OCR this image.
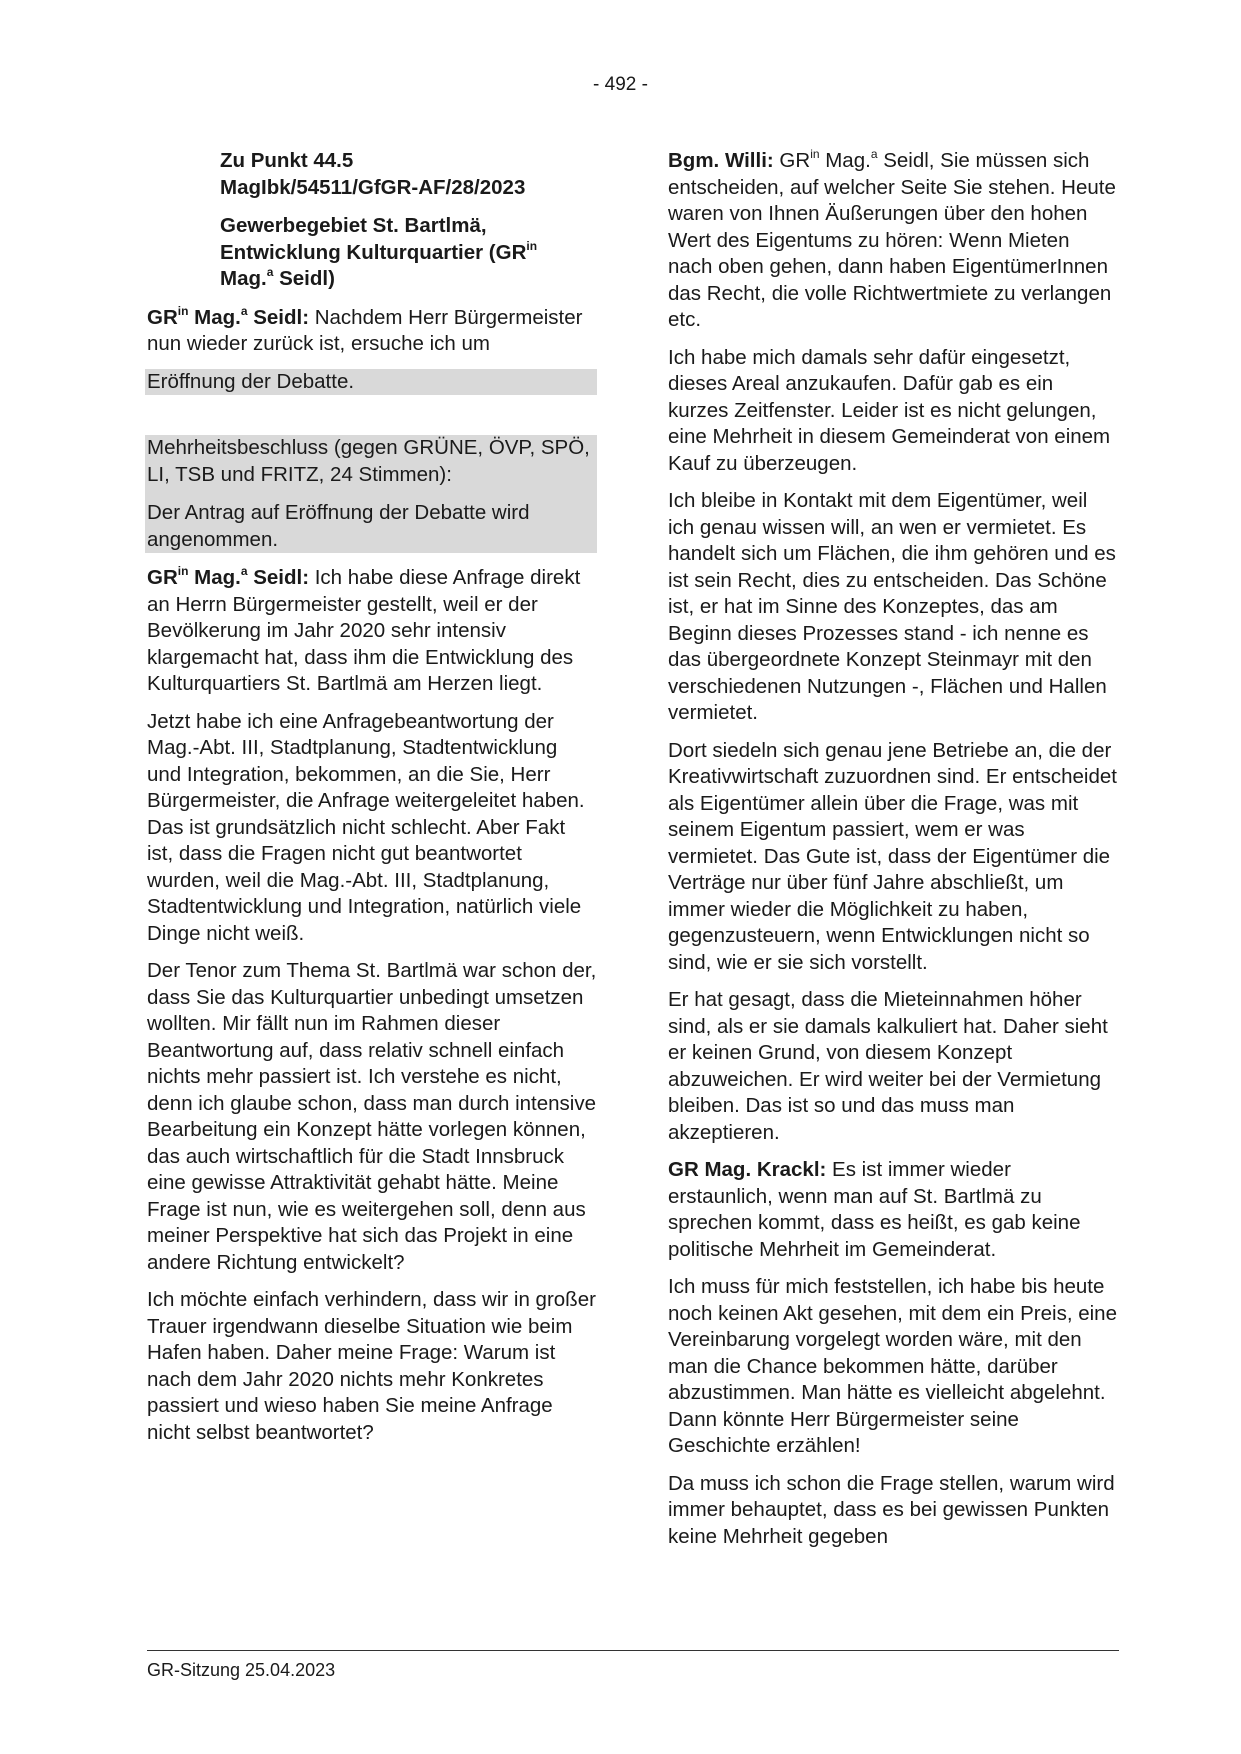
- 492 -

Zu Punkt 44.5
MagIbk/54511/GfGR-AF/28/2023

Gewerbegebiet St. Bartlmä, Entwicklung Kulturquartier ($GR^{in}$
Mag.$^a$ Seidl)

$GR^{in}$ Mag.$^a$ Seidl: Nachdem Herr Bürgermeister nun wieder zurück ist, ersuche ich um

Eröffnung der Debatte.

Mehrheitsbeschluss (gegen GRÜNE, ÖVP, SPÖ, LI, TSB und FRITZ, 24 Stimmen):

Der Antrag auf Eröffnung der Debatte wird angenommen.

$GR^{in}$ Mag.$^a$ Seidl: Ich habe diese Anfrage direkt an Herrn Bürgermeister gestellt, weil er der Bevölkerung im Jahr 2020 sehr intensiv klargemacht hat, dass ihm die Entwicklung des Kulturquartiers St. Bartlmä am Herzen liegt.

Jetzt habe ich eine Anfragebeantwortung der Mag.-Abt. III, Stadtplanung, Stadtentwicklung und Integration, bekommen, an die Sie, Herr Bürgermeister, die Anfrage weitergeleitet haben. Das ist grundsätzlich nicht schlecht. Aber Fakt ist, dass die Fragen nicht gut beantwortet wurden, weil die Mag.-Abt. III, Stadtplanung, Stadtentwicklung und Integration, natürlich viele Dinge nicht weiß.

Der Tenor zum Thema St. Bartlmä war schon der, dass Sie das Kulturquartier unbedingt umsetzen wollten. Mir fällt nun im Rahmen dieser Beantwortung auf, dass relativ schnell einfach nichts mehr passiert ist. Ich verstehe es nicht, denn ich glaube schon, dass man durch intensive Bearbeitung ein Konzept hätte vorlegen können, das auch wirtschaftlich für die Stadt Innsbruck eine gewisse Attraktivität gehabt hätte. Meine Frage ist nun, wie es weitergehen soll, denn aus meiner Perspektive hat sich das Projekt in eine andere Richtung entwickelt?

Ich möchte einfach verhindern, dass wir in großer Trauer irgendwann dieselbe Situation wie beim Hafen haben. Daher meine Frage: Warum ist nach dem Jahr 2020 nichts mehr Konkretes passiert und wieso haben Sie meine Anfrage nicht selbst beantwortet?

Bgm. Willi: $GR^{in}$ Mag.$^a$ Seidl, Sie müssen sich entscheiden, auf welcher Seite Sie stehen. Heute waren von Ihnen Äußerungen über den hohen Wert des Eigentums zu hören: Wenn Mieten nach oben gehen, dann haben EigentümerInnen das Recht, die volle Richtwertmiete zu verlangen etc.

Ich habe mich damals sehr dafür eingesetzt, dieses Areal anzukaufen. Dafür gab es ein kurzes Zeitfenster. Leider ist es nicht gelungen, eine Mehrheit in diesem Gemeinderat von einem Kauf zu überzeugen.

Ich bleibe in Kontakt mit dem Eigentümer, weil ich genau wissen will, an wen er vermietet. Es handelt sich um Flächen, die ihm gehören und es ist sein Recht, dies zu entscheiden. Das Schöne ist, er hat im Sinne des Konzeptes, das am Beginn dieses Prozesses stand - ich nenne es das übergeordnete Konzept Steinmayr mit den verschiedenen Nutzungen -, Flächen und Hallen vermietet.

Dort siedeln sich genau jene Betriebe an, die der Kreativwirtschaft zuzuordnen sind. Er entscheidet als Eigentümer allein über die Frage, was mit seinem Eigentum passiert, wem er was vermietet. Das Gute ist, dass der Eigentümer die Verträge nur über fünf Jahre abschließt, um immer wieder die Möglichkeit zu haben, gegenzusteuern, wenn Entwicklungen nicht so sind, wie er sie sich vorstellt.

Er hat gesagt, dass die Mieteinnahmen höher sind, als er sie damals kalkuliert hat. Daher sieht er keinen Grund, von diesem Konzept abzuweichen. Er wird weiter bei der Vermietung bleiben. Das ist so und das muss man akzeptieren.

GR Mag. Krackl: Es ist immer wieder erstaunlich, wenn man auf St. Bartlmä zu sprechen kommt, dass es heißt, es gab keine politische Mehrheit im Gemeinderat.

Ich muss für mich feststellen, ich habe bis heute noch keinen Akt gesehen, mit dem ein Preis, eine Vereinbarung vorgelegt worden wäre, mit den man die Chance bekommen hätte, darüber abzustimmen. Man hätte es vielleicht abgelehnt. Dann könnte Herr Bürgermeister seine Geschichte erzählen!

Da muss ich schon die Frage stellen, warum wird immer behauptet, dass es bei gewissen Punkten keine Mehrheit gegeben

GR-Sitzung 25.04.2023
